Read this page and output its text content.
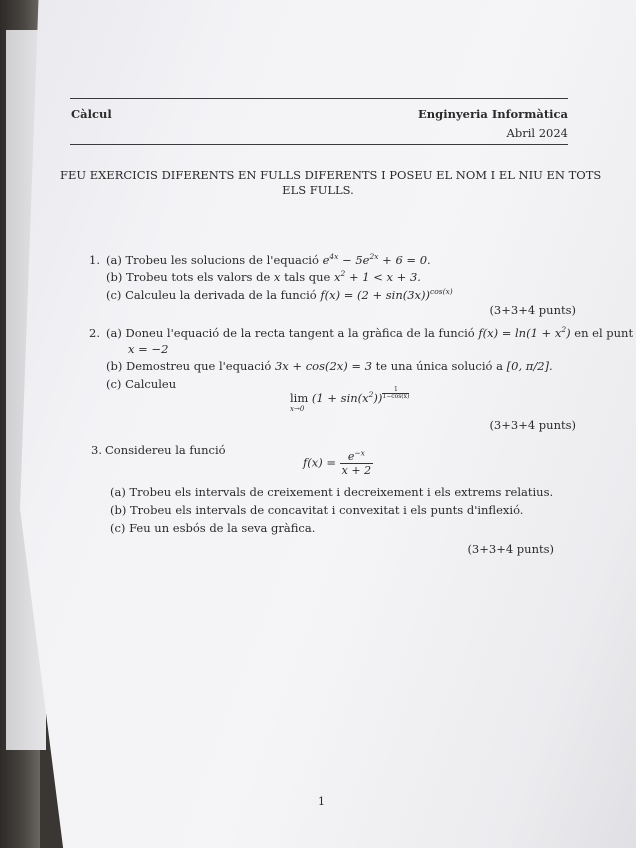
Càlcul	Enginyeria Informàtica
Abril 2024
FEU EXERCICIS DIFERENTS EN FULLS DIFERENTS I POSEU EL NOM I EL NIU EN TOTS
ELS FULLS.
1. (a) Trobeu les solucions de l'equació $e^{4x} - 5e^{2x} + 6 = 0$.
(b) Trobeu tots els valors de x tals que $x^2 + 1 < x + 3$.
(c) Calculeu la derivada de la funció $f(x) = (2 + \sin(3x))^{cos(x)}$
(3+3+4 punts)
2. (a) Doneu l'equació de la recta tangent a la gràfica de la funció $f(x) = \ln(1 + x^2)$ en el punt
x = −2
(b) Demostreu que l'equació 3x + cos(2x) = 3 te una única solució a [0, π/2].
(c) Calculeu
$\lim (1 + \sin(x^2)) \frac{1}{1-\cos(x)}$
x→0
(3+3+4 punts)
3. Considereu la funció
$f(x) = \frac{e^{-x}}{x + 2}$
(a) Trobeu els intervals de creixement i decreixement i els extrems relatius.
(b) Trobeu els intervals de concavitat i convexitat i els punts d'inflexió.
(c) Feu un esbós de la seva gràfica.
(3+3+4 punts)
1
